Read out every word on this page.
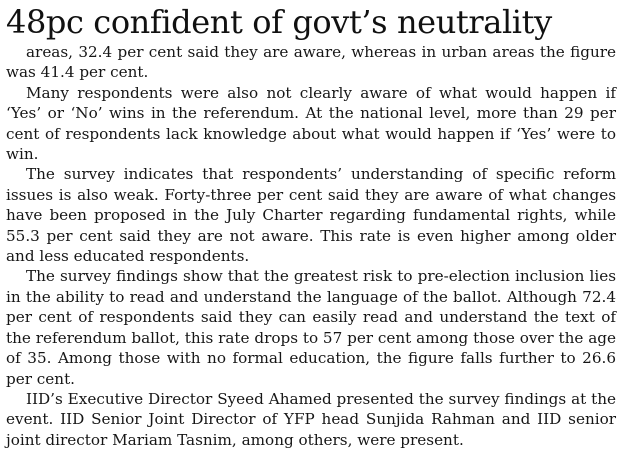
48pc confident of govt’s neutrality

areas, 32.4 per cent said they are aware, whereas in urban areas the figure was 41.4 per cent.

Many respondents were also not clearly aware of what would happen if ‘Yes’ or ‘No’ wins in the referendum. At the national level, more than 29 per cent of respondents lack knowledge about what would happen if ‘Yes’ were to win.

The survey indicates that respondents’ understanding of specific reform issues is also weak. Forty-three per cent said they are aware of what changes have been proposed in the July Charter regarding fundamental rights, while 55.3 per cent said they are not aware. This rate is even higher among older and less educated respondents.

The survey findings show that the greatest risk to pre-election inclusion lies in the ability to read and understand the language of the ballot. Although 72.4 per cent of respondents said they can easily read and understand the text of the referendum ballot, this rate drops to 57 per cent among those over the age of 35. Among those with no formal education, the figure falls further to 26.6 per cent.

IID’s Executive Director Syeed Ahamed presented the survey findings at the event. IID Senior Joint Director of YFP head Sunjida Rahman and IID senior joint director Mariam Tasnim, among others, were present.
